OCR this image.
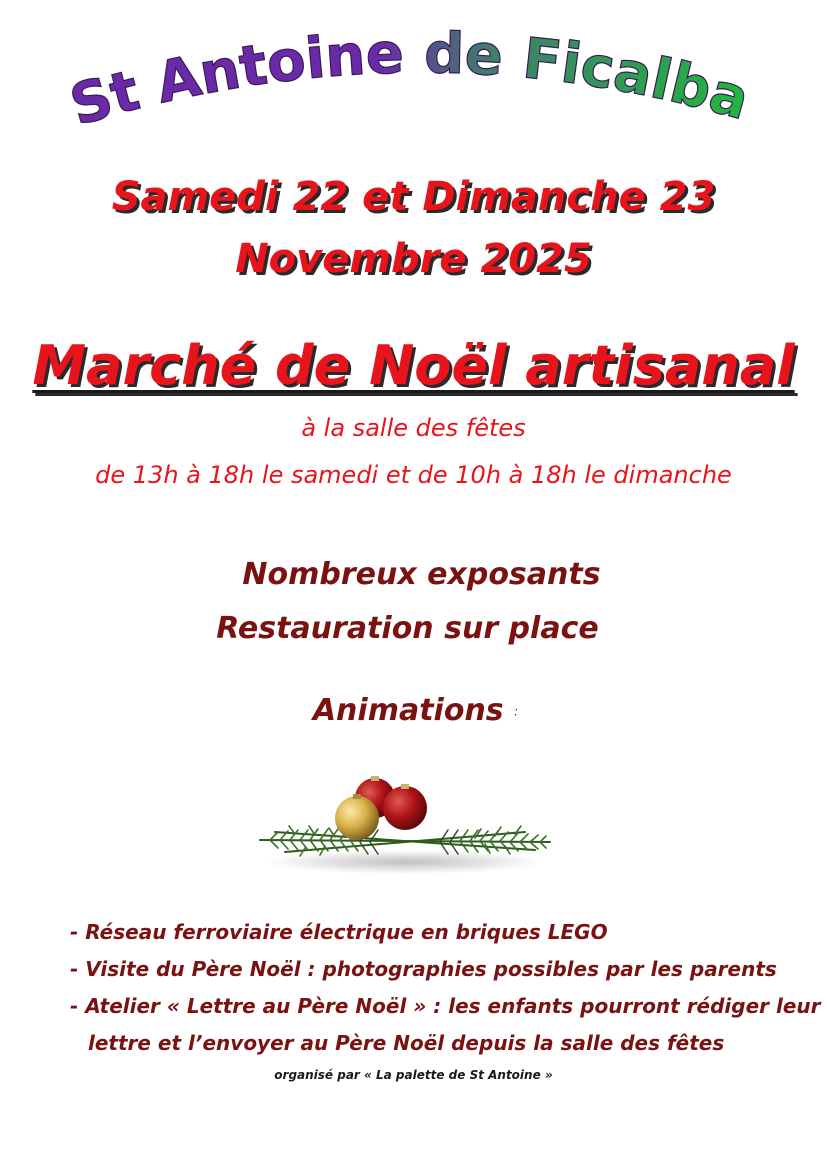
St Antoine de Ficalba
Samedi 22 et Dimanche 23
Novembre 2025
Marché de Noël artisanal
à la salle des fêtes
de 13h à 18h le samedi et de 10h à 18h le dimanche
Nombreux exposants
Restauration sur place
Animations :
- Réseau ferroviaire électrique en briques LEGO
- Visite du Père Noël : photographies possibles par les parents
- Atelier « Lettre au Père Noël » : les enfants pourront rédiger leur
lettre et l’envoyer au Père Noël depuis la salle des fêtes
organisé par « La palette de St Antoine »
